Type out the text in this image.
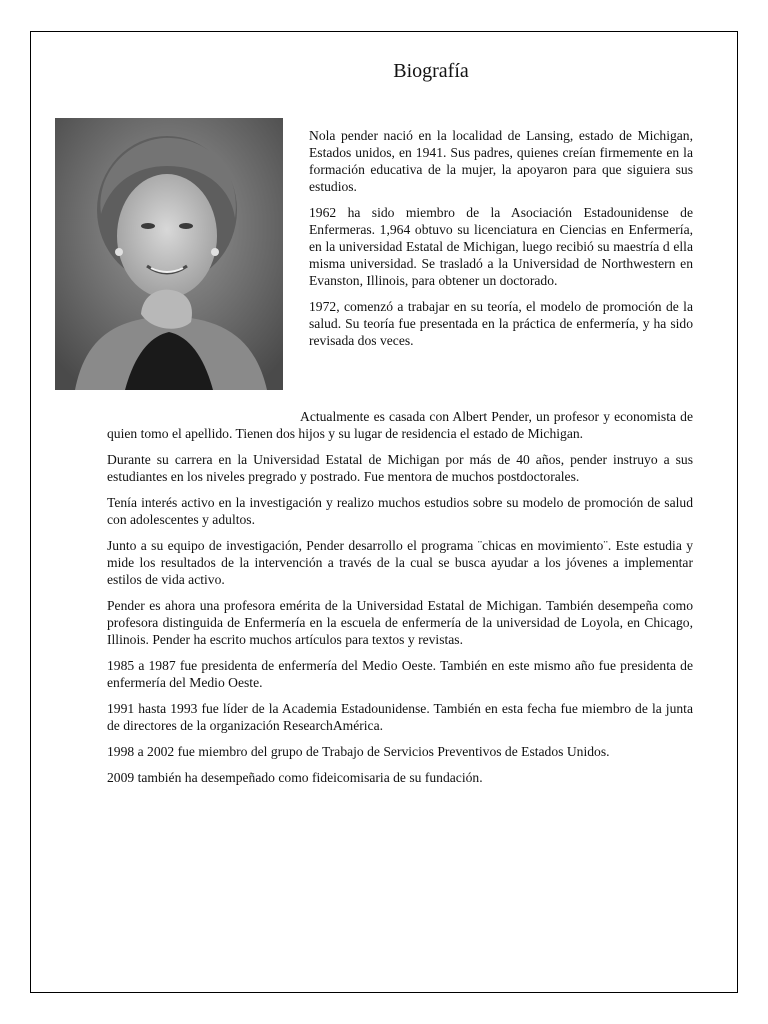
Biografía

Nola pender nació en la localidad de Lansing, estado de Michigan, Estados unidos, en 1941. Sus padres, quienes creían firmemente en la formación educativa de la mujer, la apoyaron para que siguiera sus estudios.

1962 ha sido miembro de la Asociación Estadounidense de Enfermeras. 1,964 obtuvo su licenciatura en Ciencias en Enfermería, en la universidad Estatal de Michigan, luego recibió su maestría d ella misma universidad. Se trasladó a la Universidad de Northwestern en Evanston, Illinois, para obtener un doctorado.

1972, comenzó a trabajar en su teoría, el modelo de promoción de la salud. Su teoría fue presentada en la práctica de enfermería, y ha sido revisada dos veces.

Actualmente es casada con Albert Pender, un profesor y economista de quien tomo el apellido. Tienen dos hijos y su lugar de residencia el estado de Michigan.

Durante su carrera en la Universidad Estatal de Michigan por más de 40 años, pender instruyo a sus estudiantes en los niveles pregrado y postrado. Fue mentora de muchos postdoctorales.

Tenía interés activo en la investigación y realizo muchos estudios sobre su modelo de promoción de salud con adolescentes y adultos.

Junto a su equipo de investigación, Pender desarrollo el programa ¨chicas en movimiento¨. Este estudia y mide los resultados de la intervención a través de la cual se busca ayudar a los jóvenes a implementar estilos de vida activo.

Pender es ahora una profesora emérita de la Universidad Estatal de Michigan. También desempeña como profesora distinguida de Enfermería en la escuela de enfermería de la universidad de Loyola, en Chicago, Illinois. Pender ha escrito muchos artículos para textos y revistas.

1985 a 1987 fue presidenta de enfermería del Medio Oeste. También en este mismo año fue presidenta de enfermería del Medio Oeste.

1991 hasta 1993 fue líder de la Academia Estadounidense. También en esta fecha fue miembro de la junta de directores de la organización ResearchAmérica.

1998 a 2002 fue miembro del grupo de Trabajo de Servicios Preventivos de Estados Unidos.

2009 también ha desempeñado como fideicomisaria de su fundación.
